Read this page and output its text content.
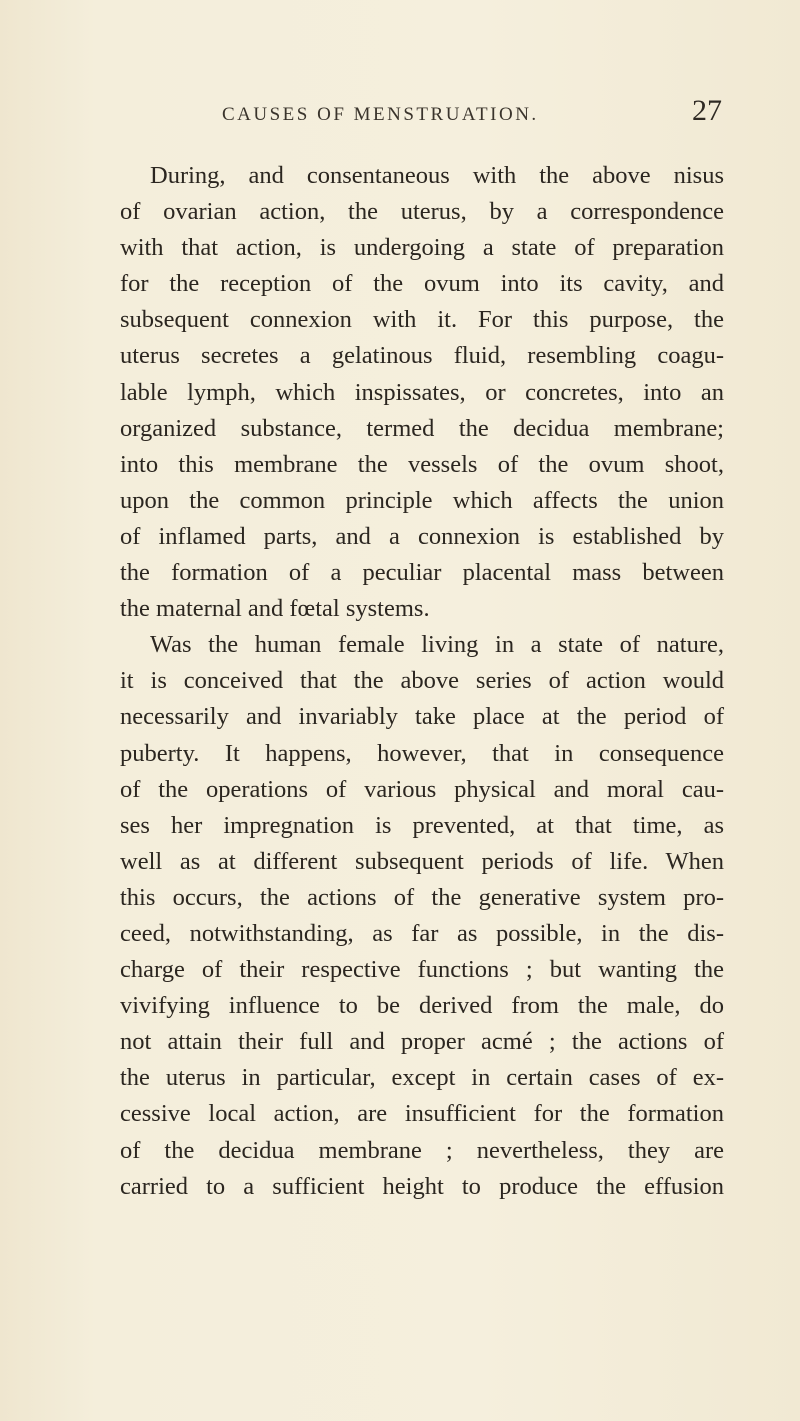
CAUSES OF MENSTRUATION.	27
During, and consentaneous with the above nisus
of ovarian action, the uterus, by a correspondence
with that action, is undergoing a state of preparation
for the reception of the ovum into its cavity, and
subsequent connexion with it. For this purpose, the
uterus secretes a gelatinous fluid, resembling coagu-
lable lymph, which inspissates, or concretes, into an
organized substance, termed the decidua membrane;
into this membrane the vessels of the ovum shoot,
upon the common principle which affects the union
of inflamed parts, and a connexion is established by
the formation of a peculiar placental mass between
the maternal and fœtal systems.
Was the human female living in a state of nature,
it is conceived that the above series of action would
necessarily and invariably take place at the period of
puberty. It happens, however, that in consequence
of the operations of various physical and moral cau-
ses her impregnation is prevented, at that time, as
well as at different subsequent periods of life. When
this occurs, the actions of the generative system pro-
ceed, notwithstanding, as far as possible, in the dis-
charge of their respective functions ; but wanting the
vivifying influence to be derived from the male, do
not attain their full and proper acmé ; the actions of
the uterus in particular, except in certain cases of ex-
cessive local action, are insufficient for the formation
of the decidua membrane ; nevertheless, they are
carried to a sufficient height to produce the effusion
